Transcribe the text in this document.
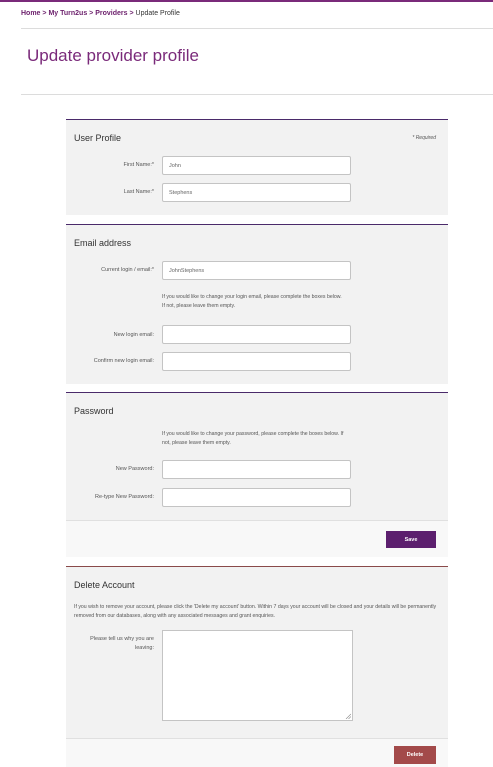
Home > My Turn2us > Providers > Update Profile
Update provider profile
User Profile	* Required
First Name:*
John
Last Name:*
Stephens
Email address
Current login / email:*
JohnStephens
If you would like to change your login email, please complete the boxes below. If not, please leave them empty.
New login email:
Confirm new login email:
Password
If you would like to change your password, please complete the boxes below. If not, please leave them empty.
New Password:
Re-type New Password:
Save
Delete Account
If you wish to remove your account, please click the 'Delete my account' button. Within 7 days your account will be closed and your details will be permanently removed from our databases, along with any associated messages and grant enquiries.
Please tell us why you are leaving:
Delete
